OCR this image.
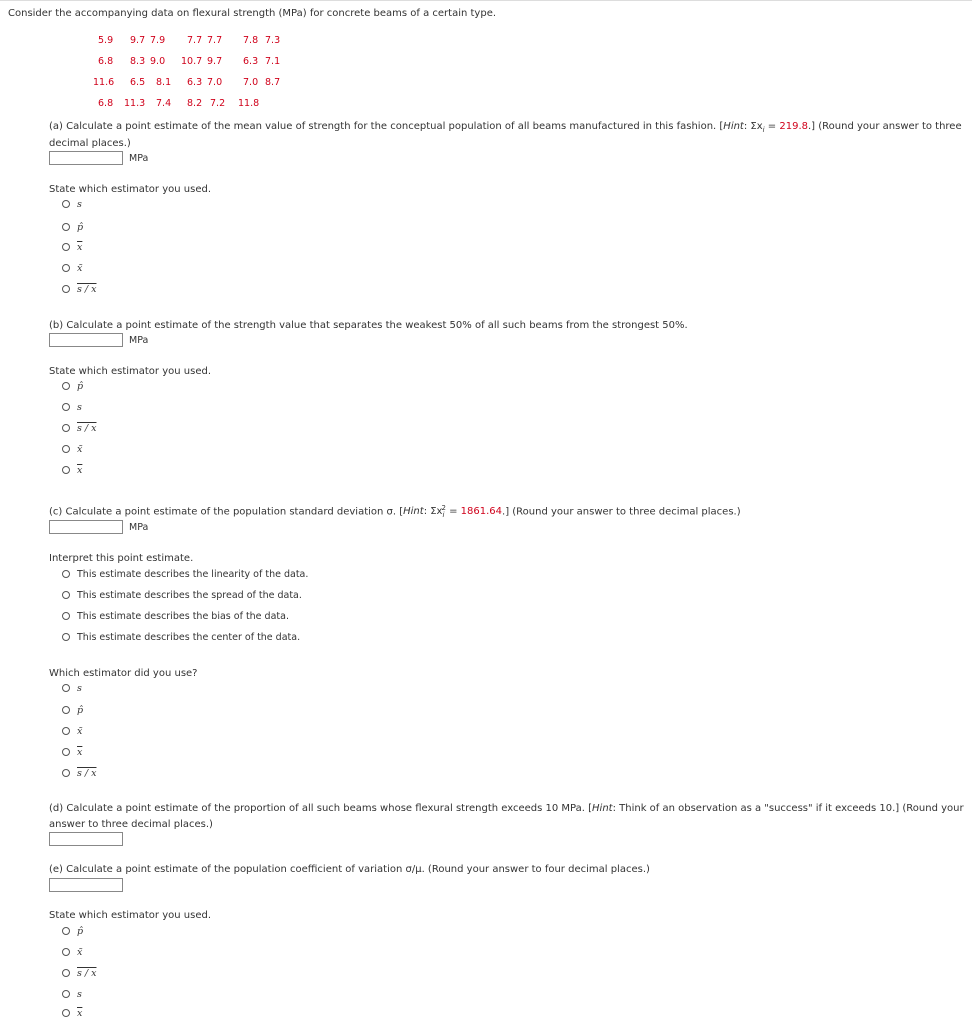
Consider the accompanying data on flexural strength (MPa) for concrete beams of a certain type.
5.9 9.7 7.9 7.7 7.7 7.8 7.3
6.8 8.3 9.0 10.7 9.7 6.3 7.1
11.6 6.5 8.1 6.3 7.0 7.0 8.7
6.8 11.3 7.4 8.2 7.2 11.8
(a) Calculate a point estimate of the mean value of strength for the conceptual population of all beams manufactured in this fashion. [Hint: $\Sigma x_i = 219.8$.] (Round your answer to three
decimal places.)
MPa
State which estimator you used.
s
p̂
$\overline{x}$
x̃
s / x
(b) Calculate a point estimate of the strength value that separates the weakest 50% of all such beams from the strongest 50%.
MPa
State which estimator you used.
p̂
s
s / x
x̃
$\overline{x}$
(c) Calculate a point estimate of the population standard deviation σ. [Hint: $\Sigma x_i^2 = 1861.64$.] (Round your answer to three decimal places.)
MPa
Interpret this point estimate.
This estimate describes the linearity of the data.
This estimate describes the spread of the data.
This estimate describes the bias of the data.
This estimate describes the center of the data.
Which estimator did you use?
s
p̂
x̃
$\overline{x}$
s / x
(d) Calculate a point estimate of the proportion of all such beams whose flexural strength exceeds 10 MPa. [Hint: Think of an observation as a "success" if it exceeds 10.] (Round your
answer to three decimal places.)
(e) Calculate a point estimate of the population coefficient of variation σ/μ. (Round your answer to four decimal places.)
State which estimator you used.
p̂
x̃
s / x
s
$\overline{x}$
